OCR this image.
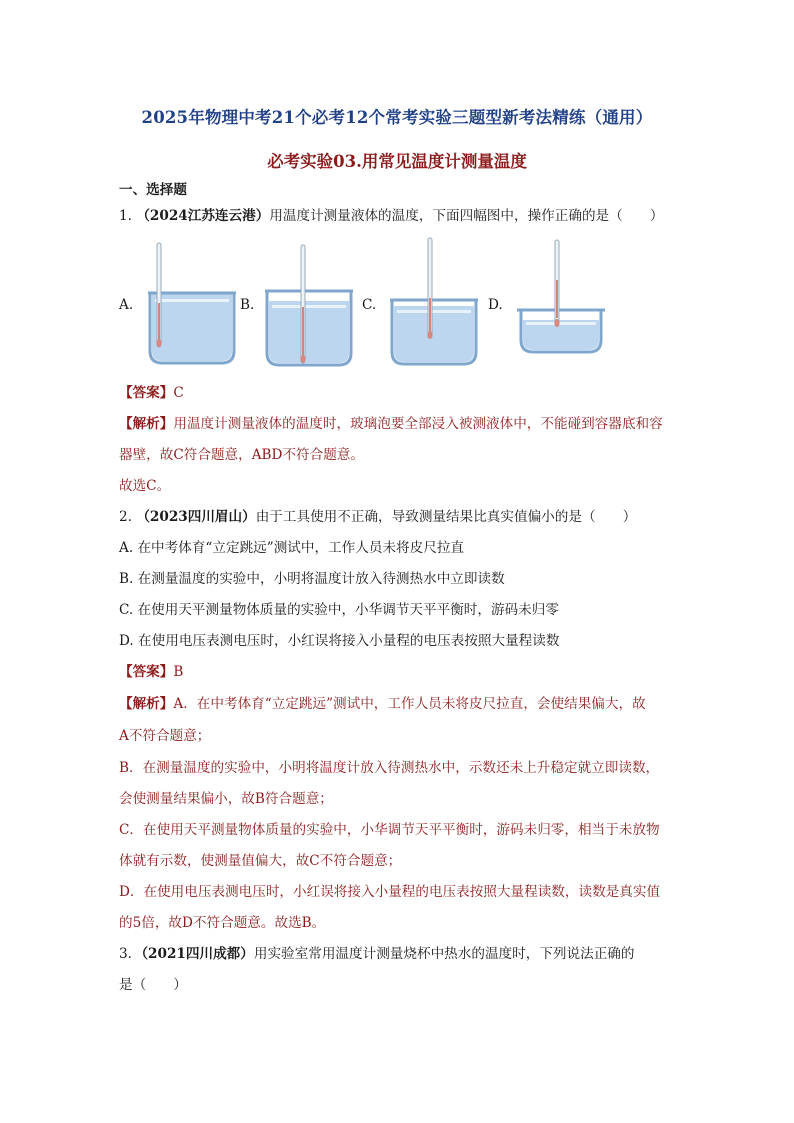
2025年物理中考21个必考12个常考实验三题型新考法精练（通用）
必考实验03.用常见温度计测量温度
一、选择题
1. （2024江苏连云港）用温度计测量液体的温度，下面四幅图中，操作正确的是（　　）
A.	B.	C.	D.
【答案】C
【解析】用温度计测量液体的温度时，玻璃泡要全部浸入被测液体中，不能碰到容器底和容
器壁，故C符合题意，ABD不符合题意。
故选C。
2. （2023四川眉山）由于工具使用不正确，导致测量结果比真实值偏小的是（　　）
A. 在中考体育“立定跳远”测试中，工作人员未将皮尺拉直
B. 在测量温度的实验中，小明将温度计放入待测热水中立即读数
C. 在使用天平测量物体质量的实验中，小华调节天平平衡时，游码未归零
D. 在使用电压表测电压时，小红误将接入小量程的电压表按照大量程读数
【答案】B
【解析】A．在中考体育“立定跳远”测试中，工作人员未将皮尺拉直，会使结果偏大，故
A不符合题意；
B．在测量温度的实验中，小明将温度计放入待测热水中，示数还未上升稳定就立即读数，
会使测量结果偏小，故B符合题意；
C．在使用天平测量物体质量的实验中，小华调节天平平衡时，游码未归零，相当于未放物
体就有示数，使测量值偏大，故C不符合题意；
D．在使用电压表测电压时，小红误将接入小量程的电压表按照大量程读数，读数是真实值
的5倍，故D不符合题意。故选B。
3．（2021四川成都）用实验室常用温度计测量烧杯中热水的温度时，下列说法正确的
是（　　）
